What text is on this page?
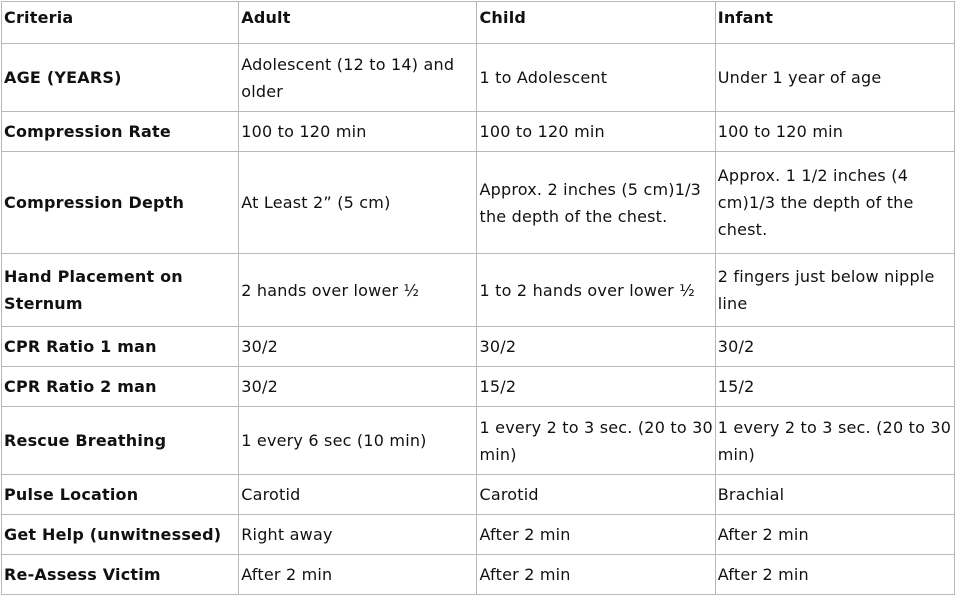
Criteria	Adult	Child	Infant
AGE (YEARS)	Adolescent (12 to 14) and older	1 to Adolescent	Under 1 year of age
Compression Rate	100 to 120 min	100 to 120 min	100 to 120 min
Compression Depth	At Least 2” (5 cm)	Approx. 2 inches (5 cm)1/3 the depth of the chest.	Approx. 1 1/2 inches (4 cm)1/3 the depth of the chest.
Hand Placement on Sternum	2 hands over lower ½	1 to 2 hands over lower ½	2 fingers just below nipple line
CPR Ratio 1 man	30/2	30/2	30/2
CPR Ratio 2 man	30/2	15/2	15/2
Rescue Breathing	1 every 6 sec (10 min)	1 every 2 to 3 sec. (20 to 30 min)	1 every 2 to 3 sec. (20 to 30 min)
Pulse Location	Carotid	Carotid	Brachial
Get Help (unwitnessed)	Right away	After 2 min	After 2 min
Re-Assess Victim	After 2 min	After 2 min	After 2 min
